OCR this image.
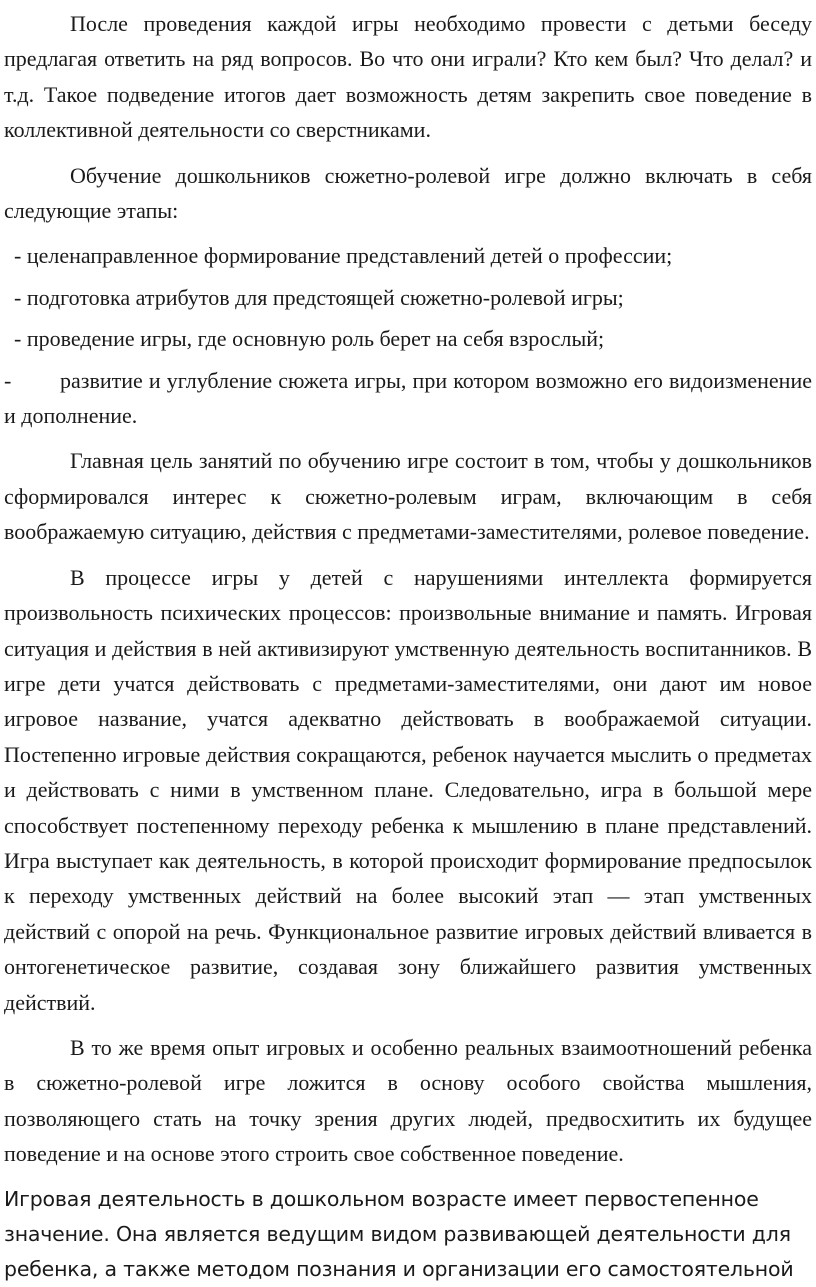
После проведения каждой игры необходимо провести с детьми беседу предлагая ответить на ряд вопросов. Во что они играли? Кто кем был? Что делал? и т.д. Такое подведение итогов дает возможность детям закрепить свое поведение в коллективной деятельности со сверстниками.

Обучение дошкольников сюжетно-ролевой игре должно включать в себя следующие этапы:

- целенаправленное формирование представлений детей о профессии;

- подготовка атрибутов для предстоящей сюжетно-ролевой игры;

- проведение игры, где основную роль берет на себя взрослый;

- развитие и углубление сюжета игры, при котором возможно его видоизменение и дополнение.

Главная цель занятий по обучению игре состоит в том, чтобы у дошкольников сформировался интерес к сюжетно-ролевым играм, включающим в себя воображаемую ситуацию, действия с предметами-заместителями, ролевое поведение.

В процессе игры у детей с нарушениями интеллекта формируется произвольность психических процессов: произвольные внимание и память. Игровая ситуация и действия в ней активизируют умственную деятельность воспитанников. В игре дети учатся действовать с предметами-заместителями, они дают им новое игровое название, учатся адекватно действовать в воображаемой ситуации. Постепенно игровые действия сокращаются, ребенок научается мыслить о предметах и действовать с ними в умственном плане. Следовательно, игра в большой мере способствует постепенному переходу ребенка к мышлению в плане представлений. Игра выступает как деятельность, в которой происходит формирование предпосылок к переходу умственных действий на более высокий этап — этап умственных действий с опорой на речь. Функциональное развитие игровых действий вливается в онтогенетическое развитие, создавая зону ближайшего развития умственных действий.

В то же время опыт игровых и особенно реальных взаимоотношений ребенка в сюжетно-ролевой игре ложится в основу особого свойства мышления, позволяющего стать на точку зрения других людей, предвосхитить их будущее поведение и на основе этого строить свое собственное поведение.

Игровая деятельность в дошкольном возрасте имеет первостепенное

значение. Она является ведущим видом развивающей деятельности для

ребенка, а также методом познания и организации его самостоятельной
